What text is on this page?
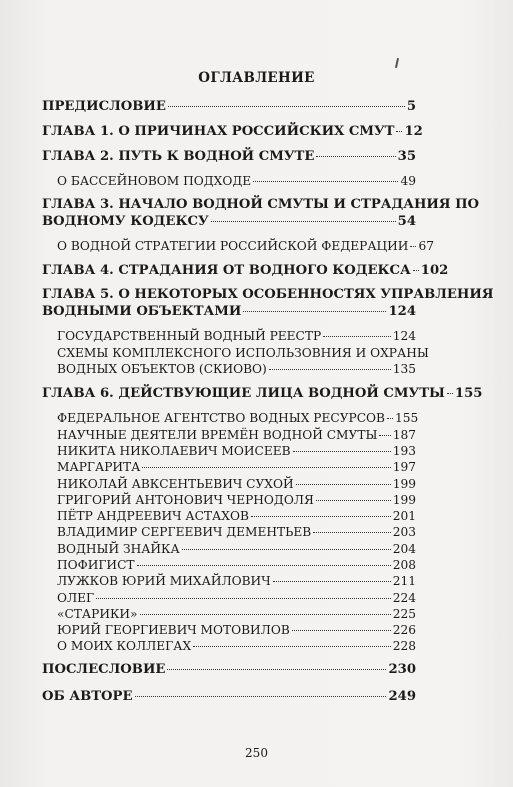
ОГЛАВЛЕНИЕ
ПРЕДИСЛОВИЕ	5
ГЛАВА 1. О ПРИЧИНАХ РОССИЙСКИХ СМУТ 12
ГЛАВА 2. ПУТЬ К ВОДНОЙ СМУТЕ	35
О БАССЕЙНОВОМ ПОДХОДЕ	49
ГЛАВА 3. НАЧАЛО ВОДНОЙ СМУТЫ И СТРАДАНИЯ ПО
ВОДНОМУ КОДЕКСУ	54
О ВОДНОЙ СТРАТЕГИИ РОССИЙСКОЙ ФЕДЕРАЦИИ 67
ГЛАВА 4. СТРАДАНИЯ ОТ ВОДНОГО КОДЕКСА 102
ГЛАВА 5. О НЕКОТОРЫХ ОСОБЕННОСТЯХ УПРАВЛЕНИЯ
ВОДНЫМИ ОБЪЕКТАМИ	124
ГОСУДАРСТВЕННЫЙ ВОДНЫЙ РЕЕСТР	124
СХЕМЫ КОМПЛЕКСНОГО ИСПОЛЬЗОВНИЯ И ОХРАНЫ
ВОДНЫХ ОБЪЕКТОВ (СКИОВО)	135
ГЛАВА 6. ДЕЙСТВУЮЩИЕ ЛИЦА ВОДНОЙ СМУТЫ 155
ФЕДЕРАЛЬНОЕ АГЕНТСТВО ВОДНЫХ РЕСУРСОВ 155
НАУЧНЫЕ ДЕЯТЕЛИ ВРЕМЁН ВОДНОЙ СМУТЫ 187
НИКИТА НИКОЛАЕВИЧ МОИСЕЕВ	193
МАРГАРИТА	197
НИКОЛАЙ АВКСЕНТЬЕВИЧ СУХОЙ	199
ГРИГОРИЙ АНТОНОВИЧ ЧЕРНОДОЛЯ	199
ПЁТР АНДРЕЕВИЧ АСТАХОВ	201
ВЛАДИМИР СЕРГЕЕВИЧ ДЕМЕНТЬЕВ	203
ВОДНЫЙ ЗНАЙКА	204
ПОФИГИСТ	208
ЛУЖКОВ ЮРИЙ МИХАЙЛОВИЧ	211
ОЛЕГ	224
«СТАРИКИ»	225
ЮРИЙ ГЕОРГИЕВИЧ МОТОВИЛОВ	226
О МОИХ КОЛЛЕГАХ	228
ПОСЛЕСЛОВИЕ	230
ОБ АВТОРЕ	249
250
